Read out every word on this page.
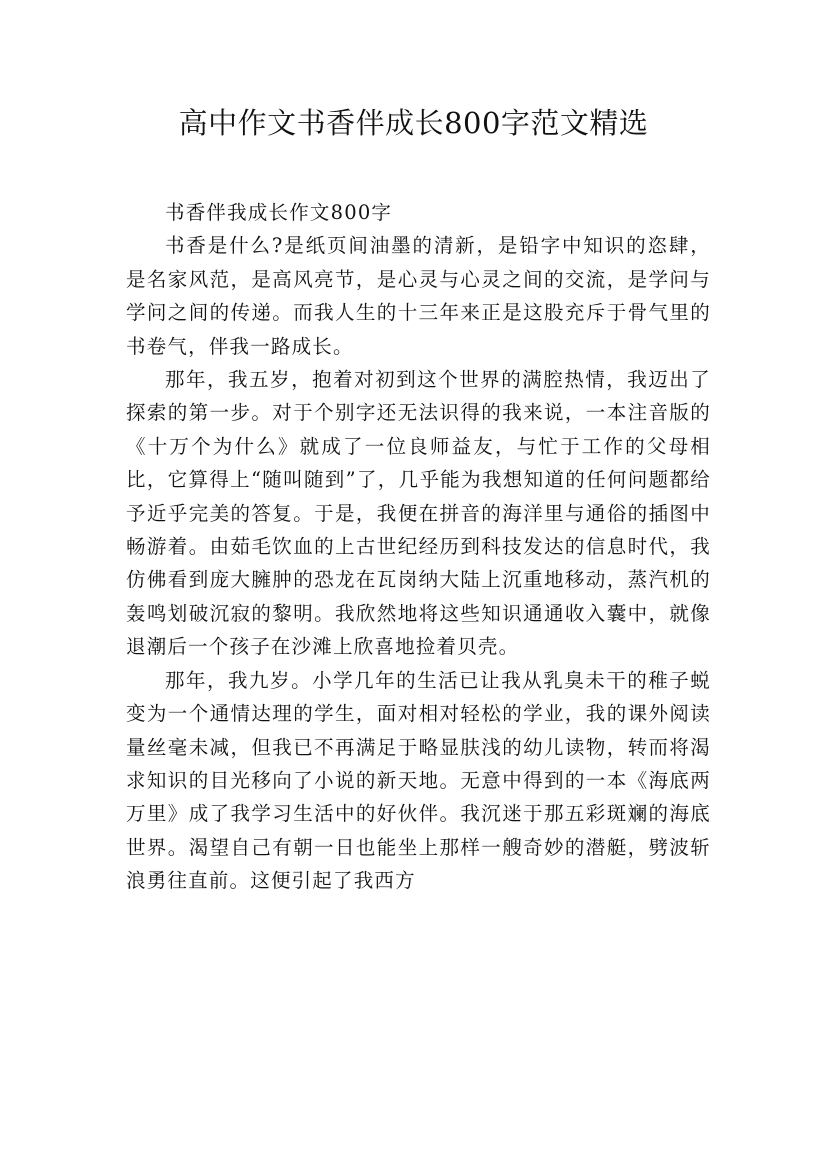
高中作文书香伴成长800字范文精选

书香伴我成长作文800字

书香是什么?是纸页间油墨的清新，是铅字中知识的恣肆，是名家风范，是高风亮节，是心灵与心灵之间的交流，是学问与学问之间的传递。而我人生的十三年来正是这股充斥于骨气里的书卷气，伴我一路成长。

那年，我五岁，抱着对初到这个世界的满腔热情，我迈出了探索的第一步。对于个别字还无法识得的我来说，一本注音版的《十万个为什么》就成了一位良师益友，与忙于工作的父母相比，它算得上“随叫随到”了，几乎能为我想知道的任何问题都给予近乎完美的答复。于是，我便在拼音的海洋里与通俗的插图中畅游着。由茹毛饮血的上古世纪经历到科技发达的信息时代，我仿佛看到庞大臃肿的恐龙在瓦岗纳大陆上沉重地移动，蒸汽机的轰鸣划破沉寂的黎明。我欣然地将这些知识通通收入囊中，就像退潮后一个孩子在沙滩上欣喜地捡着贝壳。

那年，我九岁。小学几年的生活已让我从乳臭未干的稚子蜕变为一个通情达理的学生，面对相对轻松的学业，我的课外阅读量丝毫未减，但我已不再满足于略显肤浅的幼儿读物，转而将渴求知识的目光移向了小说的新天地。无意中得到的一本《海底两万里》成了我学习生活中的好伙伴。我沉迷于那五彩斑斓的海底世界。渴望自己有朝一日也能坐上那样一艘奇妙的潜艇，劈波斩浪勇往直前。这便引起了我西方
